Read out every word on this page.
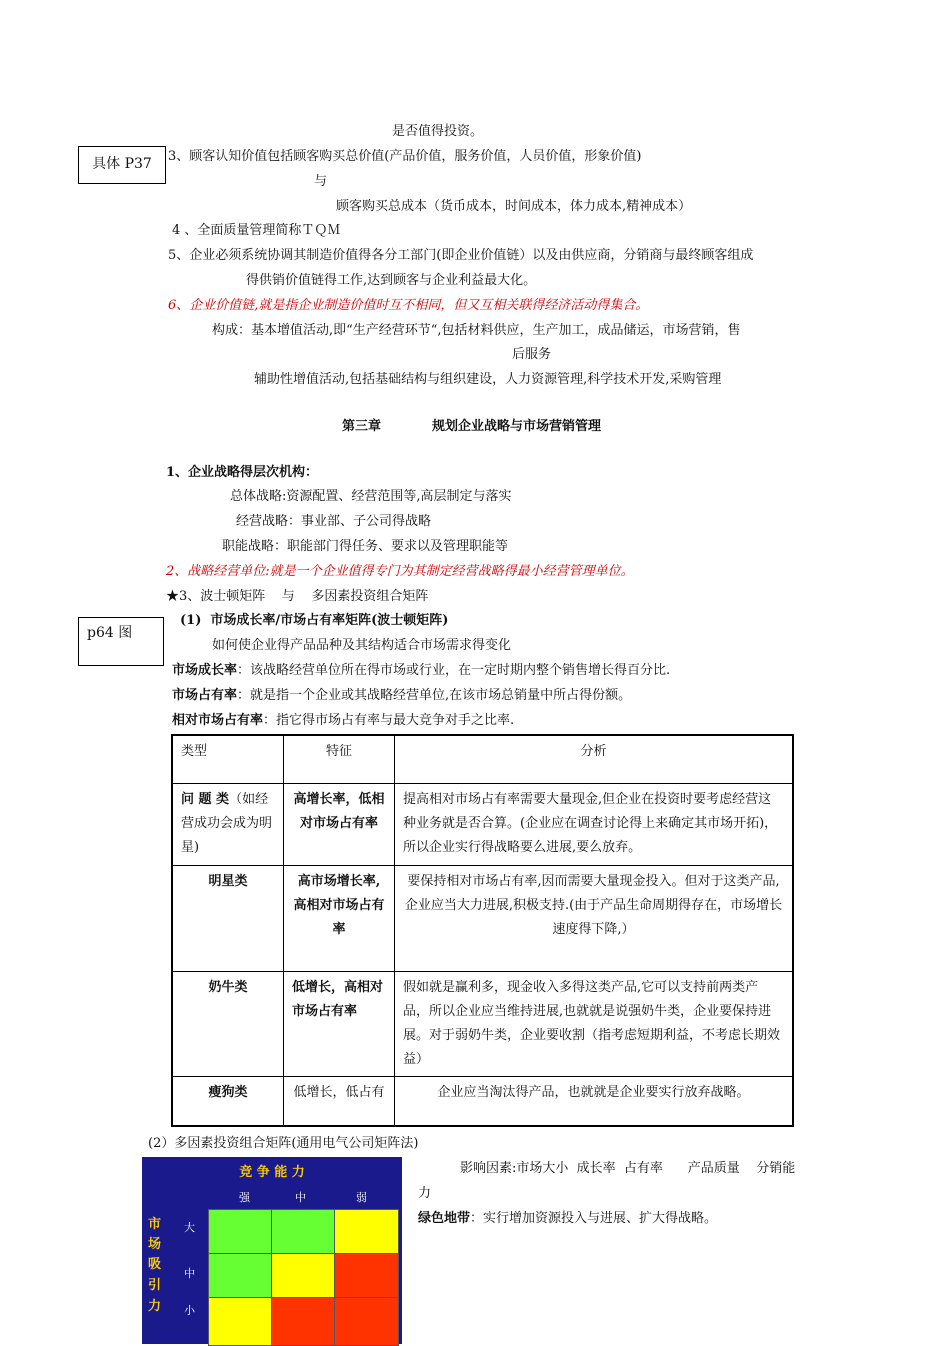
是否值得投资。
具体 P37	3、顾客认知价值包括顾客购买总价值(产品价值，服务价值，人员价值，形象价值)
与
顾客购买总成本（货币成本，时间成本，体力成本,精神成本）
4 、全面质量管理简称ＴＱＭ
5、企业必须系统协调其制造价值得各分工部门(即企业价值链）以及由供应商，分销商与最终顾客组成
得供销价值链得工作,达到顾客与企业利益最大化。
6、企业价值链,就是指企业制造价值时互不相同，但又互相关联得经济活动得集合。
构成：基本增值活动,即“生产经营环节“,包括材料供应，生产加工，成品储运，市场营销，售
后服务
辅助性增值活动,包括基础结构与组织建设，人力资源管理,科学技术开发,采购管理
第三章	规划企业战略与市场营销管理
1、企业战略得层次机构：
总体战略:资源配置、经营范围等,高层制定与落实
经营战略：事业部、子公司得战略
职能战略：职能部门得任务、要求以及管理职能等
2、战略经营单位:就是一个企业值得专门为其制定经营战略得最小经营管理单位。
★3、波士顿矩阵    与    多因素投资组合矩阵
p64 图
(1)  市场成长率/市场占有率矩阵(波士顿矩阵)
如何使企业得产品品种及其结构适合市场需求得变化
市场成长率：该战略经营单位所在得市场或行业，在一定时期内整个销售增长得百分比.
市场占有率：就是指一个企业或其战略经营单位,在该市场总销量中所占得份额。
相对市场占有率：指它得市场占有率与最大竞争对手之比率.
类型	特征	分析
问 题 类（如经营成功会成为明星)	高增长率，低相对市场占有率	提高相对市场占有率需要大量现金,但企业在投资时要考虑经营这种业务就是否合算。(企业应在调查讨论得上来确定其市场开拓)，所以企业实行得战略要么进展,要么放弃。
明星类	高市场增长率,高相对市场占有率	要保持相对市场占有率,因而需要大量现金投入。但对于这类产品,企业应当大力进展,积极支持.(由于产品生命周期得存在，市场增长速度得下降,）
奶牛类	低增长，高相对市场占有率	假如就是赢利多，现金收入多得这类产品,它可以支持前两类产品，所以企业应当维持进展,也就就是说强奶牛类，企业要保持进展。对于弱奶牛类，企业要收割（指考虑短期利益，不考虑长期效益）
瘦狗类	低增长，低占有	企业应当淘汰得产品，也就就是企业要实行放弃战略。
(2）多因素投资组合矩阵(通用电气公司矩阵法)
竞 争 能 力
强	中	弱
市
场
吸
引
力
大
中
小
影响因素:市场大小  成长率  占有率      产品质量    分销能
力
绿色地带：实行增加资源投入与进展、扩大得战略。
